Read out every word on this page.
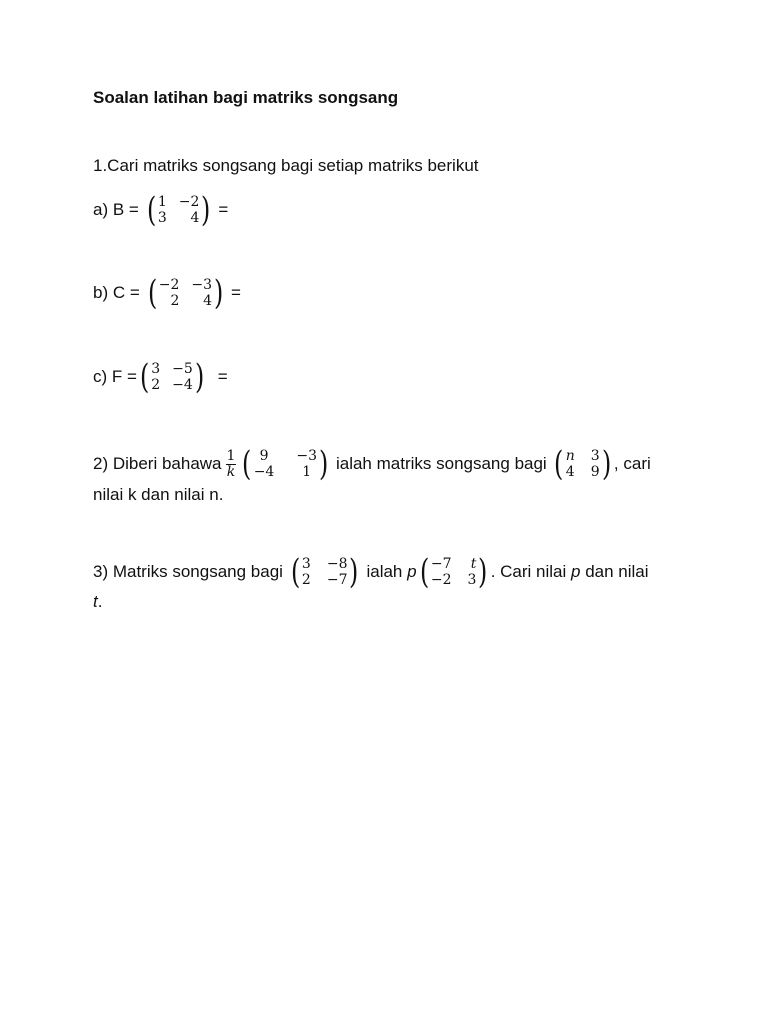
Soalan latihan bagi matriks songsang
1.Cari matriks songsang bagi setiap matriks berikut
a) B = ( 1 −2
3	4 ) =
b) C = ( −2 −3
2	4 ) =
c) F = ( 3 −5
2 −4 ) =
2) Diberi bahawa $\frac{1}{k}$ ( 9	−3
−4	1 ) ialah matriks songsang bagi ( n 3
4 9 ) , cari
nilai k dan nilai n.
3) Matriks songsang bagi ( 3 −8
2 −7 ) ialah p ( −7 t
−2 3 ) . Cari nilai p dan nilai
t .
